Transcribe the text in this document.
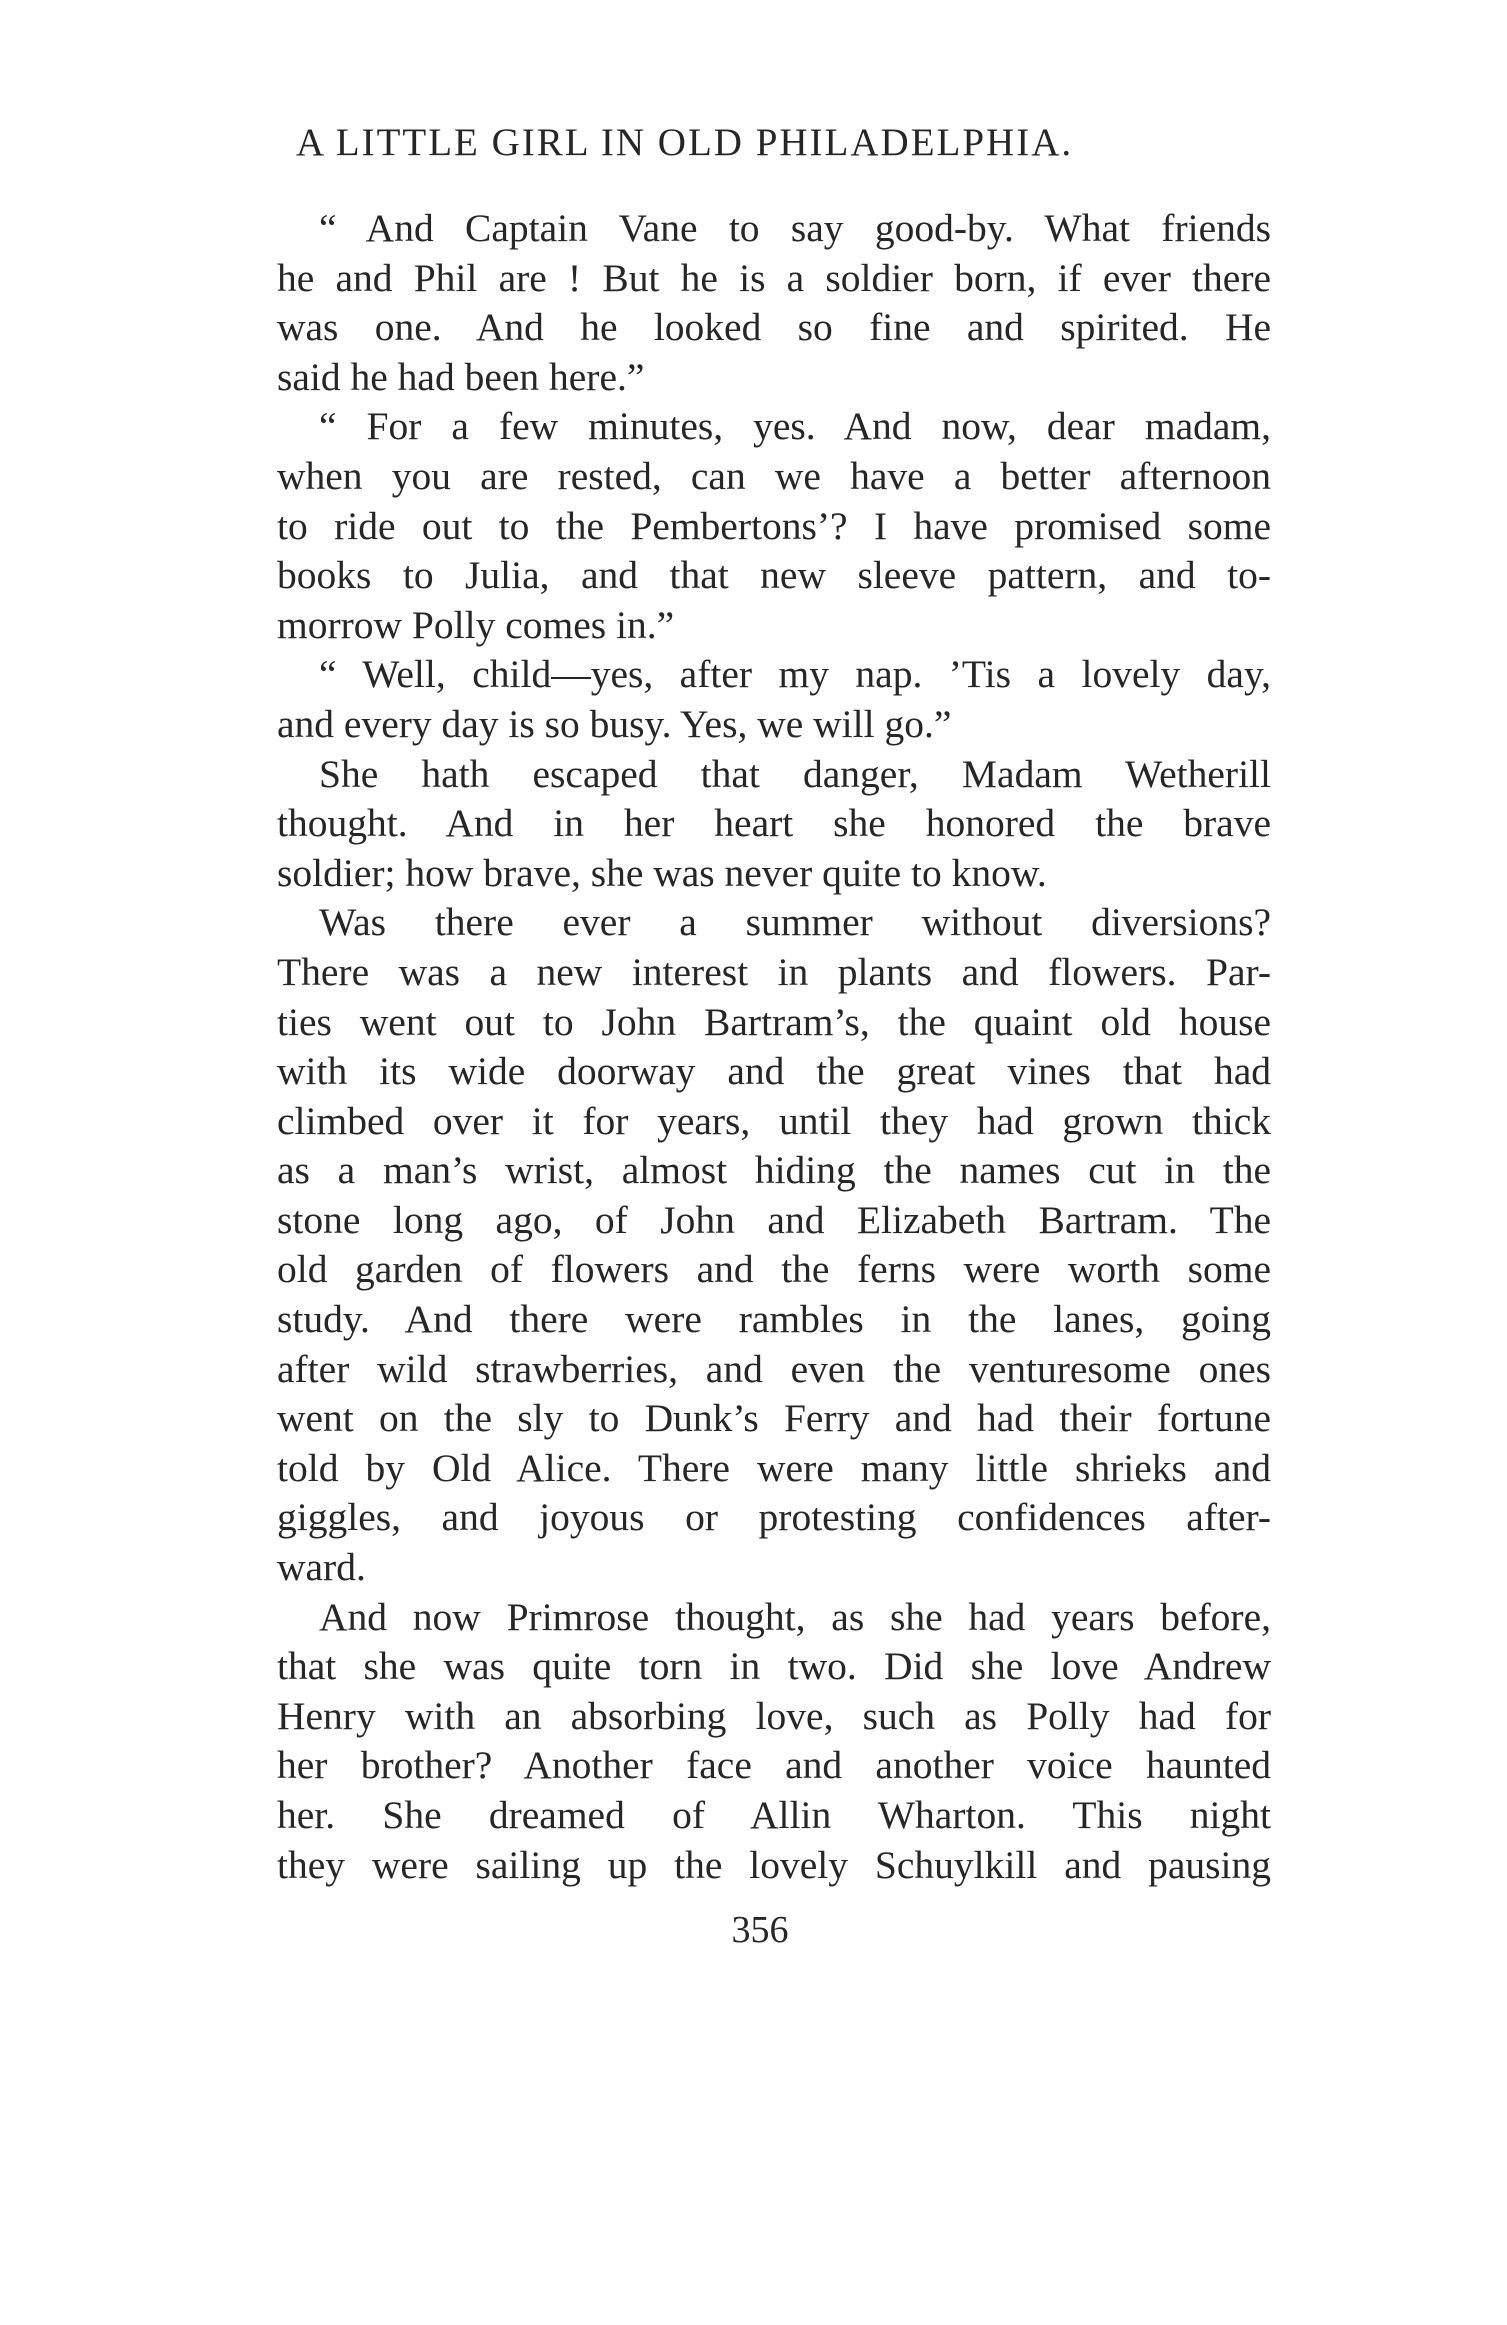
A LITTLE GIRL IN OLD PHILADELPHIA.
“ And Captain Vane to say good-by. What friends
he and Phil are ! But he is a soldier born, if ever there
was one. And he looked so fine and spirited. He
said he had been here.”
“ For a few minutes, yes. And now, dear madam,
when you are rested, can we have a better afternoon
to ride out to the Pembertons’? I have promised some
books to Julia, and that new sleeve pattern, and to-
morrow Polly comes in.”
“ Well, child—yes, after my nap. ’Tis a lovely day,
and every day is so busy. Yes, we will go.”
She hath escaped that danger, Madam Wetherill
thought. And in her heart she honored the brave
soldier; how brave, she was never quite to know.
Was there ever a summer without diversions?
There was a new interest in plants and flowers. Par-
ties went out to John Bartram’s, the quaint old house
with its wide doorway and the great vines that had
climbed over it for years, until they had grown thick
as a man’s wrist, almost hiding the names cut in the
stone long ago, of John and Elizabeth Bartram. The
old garden of flowers and the ferns were worth some
study. And there were rambles in the lanes, going
after wild strawberries, and even the venturesome ones
went on the sly to Dunk’s Ferry and had their fortune
told by Old Alice. There were many little shrieks and
giggles, and joyous or protesting confidences after-
ward.
And now Primrose thought, as she had years before,
that she was quite torn in two. Did she love Andrew
Henry with an absorbing love, such as Polly had for
her brother? Another face and another voice haunted
her. She dreamed of Allin Wharton. This night
they were sailing up the lovely Schuylkill and pausing
356
